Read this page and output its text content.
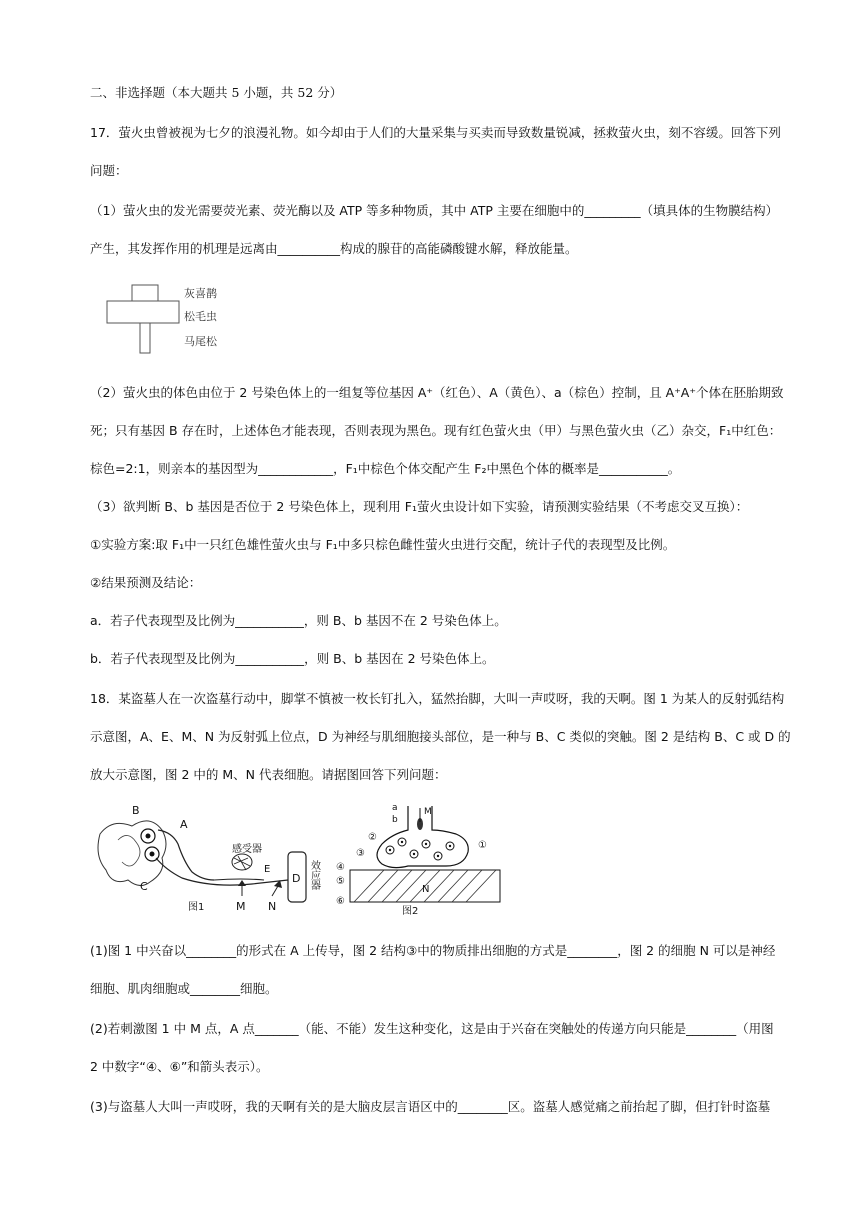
二、非选择题（本大题共 5 小题，共 52 分）
17．萤火虫曾被视为七夕的浪漫礼物。如今却由于人们的大量采集与买卖而导致数量锐减，拯救萤火虫，刻不容缓。回答下列
问题：
（1）萤火虫的发光需要荧光素、荧光酶以及 ATP 等多种物质，其中 ATP 主要在细胞中的_________（填具体的生物膜结构）
产生，其发挥作用的机理是远离由__________构成的腺苷的高能磷酸键水解，释放能量。
灰喜鹊
松毛虫
马尾松
（2）萤火虫的体色由位于 2 号染色体上的一组复等位基因 A⁺（红色）、A（黄色）、a（棕色）控制，且 A⁺A⁺个体在胚胎期致
死；只有基因 B 存在时，上述体色才能表现，否则表现为黑色。现有红色萤火虫（甲）与黑色萤火虫（乙）杂交，F₁中红色：
棕色=2:1，则亲本的基因型为____________，F₁中棕色个体交配产生 F₂中黑色个体的概率是___________。
（3）欲判断 B、b 基因是否位于 2 号染色体上，现利用 F₁萤火虫设计如下实验，请预测实验结果（不考虑交叉互换）：
①实验方案:取 F₁中一只红色雄性萤火虫与 F₁中多只棕色雌性萤火虫进行交配，统计子代的表现型及比例。
②结果预测及结论：
a．若子代表现型及比例为___________，则 B、b 基因不在 2 号染色体上。
b．若子代表现型及比例为___________，则 B、b 基因在 2 号染色体上。
18．某盗墓人在一次盗墓行动中，脚掌不慎被一枚长钉扎入，猛然抬脚，大叫一声哎呀，我的天啊。图 1 为某人的反射弧结构
示意图，A、E、M、N 为反射弧上位点，D 为神经与肌细胞接头部位，是一种与 B、C 类似的突触。图 2 是结构 B、C 或 D 的
放大示意图，图 2 中的 M、N 代表细胞。请据图回答下列问题：
B
A
C
感受器
E
D 效应器
M N
图1
a
b
M
N
①
②
③
④
⑤
⑥
图2
(1)图 1 中兴奋以________的形式在 A 上传导，图 2 结构③中的物质排出细胞的方式是________，图 2 的细胞 N 可以是神经
细胞、肌肉细胞或________细胞。
(2)若刺激图 1 中 M 点，A 点_______（能、不能）发生这种变化，这是由于兴奋在突触处的传递方向只能是________（用图
2 中数字“④、⑥”和箭头表示）。
(3)与盗墓人大叫一声哎呀，我的天啊有关的是大脑皮层言语区中的________区。盗墓人感觉痛之前抬起了脚，但打针时盗墓
